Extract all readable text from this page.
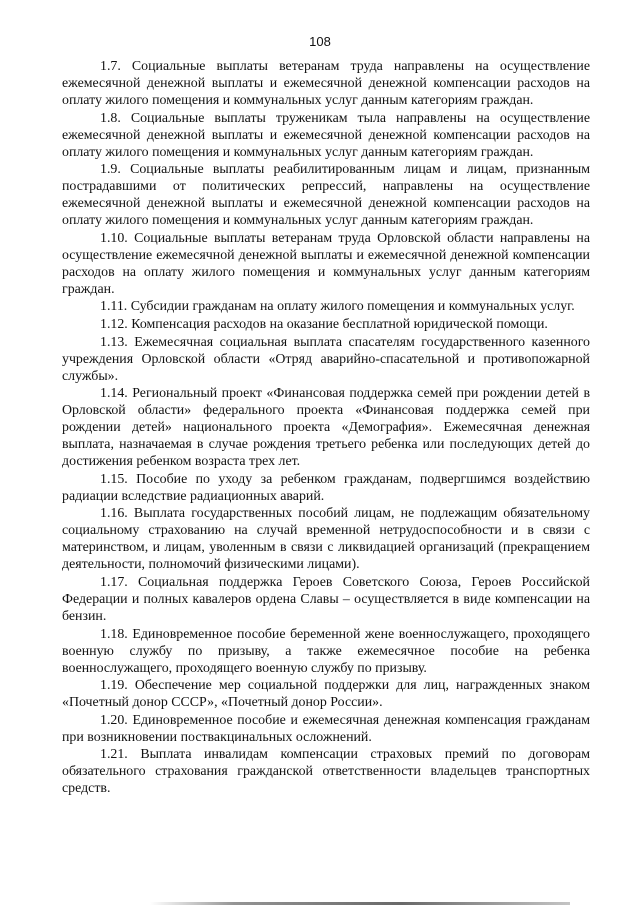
108

1.7. Социальные выплаты ветеранам труда направлены на осуществление ежемесячной денежной выплаты и ежемесячной денежной компенсации расходов на оплату жилого помещения и коммунальных услуг данным категориям граждан.

1.8. Социальные выплаты труженикам тыла направлены на осуществление ежемесячной денежной выплаты и ежемесячной денежной компенсации расходов на оплату жилого помещения и коммунальных услуг данным категориям граждан.

1.9. Социальные выплаты реабилитированным лицам и лицам, признанным пострадавшими от политических репрессий, направлены на осуществление ежемесячной денежной выплаты и ежемесячной денежной компенсации расходов на оплату жилого помещения и коммунальных услуг данным категориям граждан.

1.10. Социальные выплаты ветеранам труда Орловской области направлены на осуществление ежемесячной денежной выплаты и ежемесячной денежной компенсации расходов на оплату жилого помещения и коммунальных услуг данным категориям граждан.

1.11. Субсидии гражданам на оплату жилого помещения и коммунальных услуг.

1.12. Компенсация расходов на оказание бесплатной юридической помощи.

1.13. Ежемесячная социальная выплата спасателям государственного казенного учреждения Орловской области «Отряд аварийно-спасательной и противопожарной службы».

1.14. Региональный проект «Финансовая поддержка семей при рождении детей в Орловской области» федерального проекта «Финансовая поддержка семей при рождении детей» национального проекта «Демография». Ежемесячная денежная выплата, назначаемая в случае рождения третьего ребенка или последующих детей до достижения ребенком возраста трех лет.

1.15. Пособие по уходу за ребенком гражданам, подвергшимся воздействию радиации вследствие радиационных аварий.

1.16. Выплата государственных пособий лицам, не подлежащим обязательному социальному страхованию на случай временной нетрудоспособности и в связи с материнством, и лицам, уволенным в связи с ликвидацией организаций (прекращением деятельности, полномочий физическими лицами).

1.17. Социальная поддержка Героев Советского Союза, Героев Российской Федерации и полных кавалеров ордена Славы – осуществляется в виде компенсации на бензин.

1.18. Единовременное пособие беременной жене военнослужащего, проходящего военную службу по призыву, а также ежемесячное пособие на ребенка военнослужащего, проходящего военную службу по призыву.

1.19. Обеспечение мер социальной поддержки для лиц, награжденных знаком «Почетный донор СССР», «Почетный донор России».

1.20. Единовременное пособие и ежемесячная денежная компенсация гражданам при возникновении поствакцинальных осложнений.

1.21. Выплата инвалидам компенсации страховых премий по договорам обязательного страхования гражданской ответственности владельцев транспортных средств.
